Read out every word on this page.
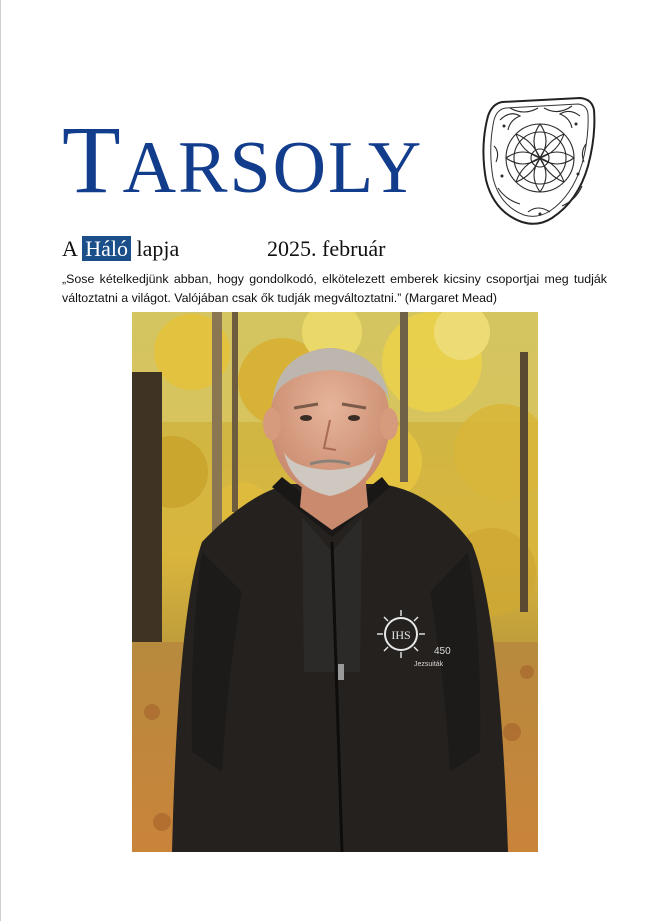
TARSOLY
A Háló lapja	2025. február
„Sose kételkedjünk abban, hogy gondolkodó, elkötelezett emberek kicsiny csoportjai meg tudják változtatni a világot. Valójában csak ők tudják megváltoztatni.” (Margaret Mead)
IHS
450
Jezsuiták
